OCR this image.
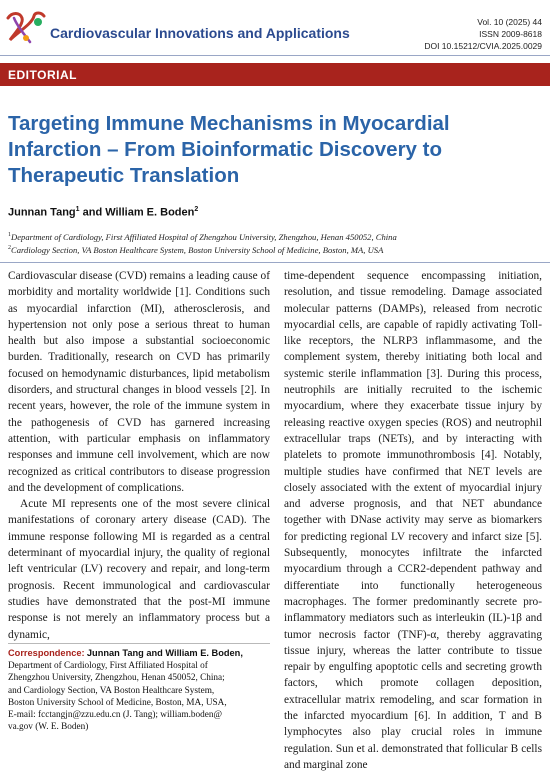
Cardiovascular Innovations and Applications
Vol. 10 (2025) 44
ISSN 2009-8618
DOI 10.15212/CVIA.2025.0029
EDITORIAL
Targeting Immune Mechanisms in Myocardial
Infarction – From Bioinformatic Discovery to
Therapeutic Translation
Junnan Tang$^1$ and William E. Boden$^2$
$^1$Department of Cardiology, First Affiliated Hospital of Zhengzhou University, Zhengzhou, Henan 450052, China
$^2$Cardiology Section, VA Boston Healthcare System, Boston University School of Medicine, Boston, MA, USA

Cardiovascular disease (CVD) remains a leading cause of morbidity and mortality worldwide [1]. Conditions such as myocardial infarction (MI), atherosclerosis, and hypertension not only pose a serious threat to human health but also impose a substantial socioeconomic burden. Traditionally, research on CVD has primarily focused on hemodynamic disturbances, lipid metabolism disorders, and structural changes in blood vessels [2]. In recent years, however, the role of the immune system in the pathogenesis of CVD has garnered increasing attention, with particular emphasis on inflammatory responses and immune cell involvement, which are now recognized as critical contributors to disease progression and the development of complications.

Acute MI represents one of the most severe clinical manifestations of coronary artery disease (CAD). The immune response following MI is regarded as a central determinant of myocardial injury, the quality of regional left ventricular (LV) recovery and repair, and long-term prognosis. Recent immunological and cardiovascular studies have demonstrated that the post-MI immune response is not merely an inflammatory process but a dynamic,

time-dependent sequence encompassing initiation, resolution, and tissue remodeling. Damage associated molecular patterns (DAMPs), released from necrotic myocardial cells, are capable of rapidly activating Toll-like receptors, the NLRP3 inflammasome, and the complement system, thereby initiating both local and systemic sterile inflammation [3]. During this process, neutrophils are initially recruited to the ischemic myocardium, where they exacerbate tissue injury by releasing reactive oxygen species (ROS) and neutrophil extracellular traps (NETs), and by interacting with platelets to promote immunothrombosis [4]. Notably, multiple studies have confirmed that NET levels are closely associated with the extent of myocardial injury and adverse prognosis, and that NET abundance together with DNase activity may serve as biomarkers for predicting regional LV recovery and infarct size [5]. Subsequently, monocytes infiltrate the infarcted myocardium through a CCR2-dependent pathway and differentiate into functionally heterogeneous macrophages. The former predominantly secrete pro-inflammatory mediators such as interleukin (IL)-1β and tumor necrosis factor (TNF)-α, thereby aggravating tissue injury, whereas the latter contribute to tissue repair by engulfing apoptotic cells and secreting growth factors, which promote collagen deposition, extracellular matrix remodeling, and scar formation in the infarcted myocardium [6]. In addition, T and B lymphocytes also play crucial roles in immune regulation. Sun et al. demonstrated that follicular B cells and marginal zone

Correspondence: Junnan Tang and William E. Boden,
Department of Cardiology, First Affiliated Hospital of
Zhengzhou University, Zhengzhou, Henan 450052, China;
and Cardiology Section, VA Boston Healthcare System,
Boston University School of Medicine, Boston, MA, USA,
E-mail: fcctangjn@zzu.edu.cn (J. Tang); william.boden@
va.gov (W. E. Boden)
